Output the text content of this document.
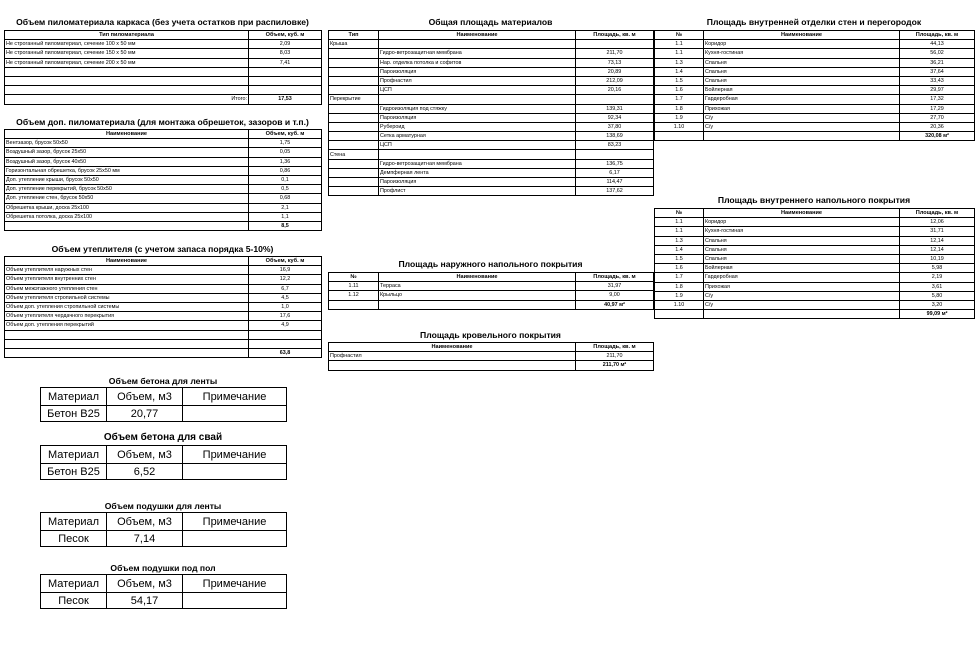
Объем пиломатериала каркаса (без учета остатков при распиловке)
Тип пиломатериала	Объем, куб. м
Не строганный пиломатериал, сечение 100 х 50 мм	2,09
Не строганный пиломатериал, сечение 150 х 50 мм	8,03
Не строганный пиломатериал, сечение 200 х 50 мм	7,41

Итого:	17,53
Объем доп. пиломатериала (для монтажа обрешеток, зазоров и т.п.)
Наименование	Объем, куб. м
Вентзазор, брусок 50х50	1,75
Воздушный зазор, брусок 25х50	0,05
Воздушный зазор, брусок 40х50	1,36
Горизонтальная обрешетка, брусок 25х50 мм	0,86
Доп. утепление крыши, брусок 50х50	0,1
Доп. утепление перекрытий, брусок 50х50	0,5
Доп. утепление стен, брусок 50х50	0,68
Обрешетка крыши, доска 25х100	2,1
Обрешетка потолка, доска 25х100	1,1
	8,5
Объем утеплителя (с учетом запаса порядка 5-10%)
Наименование	Объем, куб. м
Объем утеплителя наружных стен	16,9
Объем утеплителя внутренних стен	12,2
Объем межэтажного утепления стен	6,7
Объем утеплителя стропильной системы	4,5
Объем доп. утепления стропильной системы	1,0
Объем утеплителя чердачного перекрытия	17,6
Объем доп. утепления перекрытий	4,9

	63,8
Объем бетона для ленты
Материал	Объем, м3	Примечание
Бетон B25	20,77	
Объем бетона для свай
Материал	Объем, м3	Примечание
Бетон B25	6,52	
Объем подушки для ленты
Материал	Объем, м3	Примечание
Песок	7,14	
Объем подушки под пол
Материал	Объем, м3	Примечание
Песок	54,17	
Общая площадь материалов
Тип	Наименование	Площадь, кв. м
Крыша		
	Гидро-ветрозащитная мембрана	211,70
	Нар. отделка потолка и софитов	73,13
	Пароизоляция	20,89
	Профнастил	212,09
	ЦСП	20,16
Перекрытие		
	Гидроизоляция под стяжку	139,31
	Пароизоляция	92,34
	Рубероид	37,80
	Сетка арматурная	138,69
	ЦСП	83,23
Стена		
	Гидро-ветрозащитная мембрана	136,75
	Демпферная лента	6,17
	Пароизоляция	114,47
	Профлист	137,62
Площадь наружного напольного покрытия
№	Наименование	Площадь, кв. м
1.11	Терраса	31,97
1.12	Крыльцо	9,00
		40,97 м²
Площадь кровельного покрытия
Наименование	Площадь, кв. м
Профнастил	211,70
	211,70 м²
Площадь внутренней отделки стен и перегородок
№	Наименование	Площадь, кв. м
1.1	Коридор	44,13
1.1	Кухня-гостиная	56,02
1.3	Спальня	36,21
1.4	Спальня	37,64
1.5	Спальня	33,43
1.6	Бойлерная	29,97
1.7	Гардеробная	17,32
1.8	Прихожая	17,29
1.9	С/у	27,70
1.10	С/у	20,36
		320,08 м²
Площадь внутреннего напольного покрытия
№	Наименование	Площадь, кв. м
1.1	Коридор	12,06
1.1	Кухня-гостиная	31,71
1.3	Спальня	12,14
1.4	Спальня	12,14
1.5	Спальня	10,19
1.6	Бойлерная	5,98
1.7	Гардеробная	2,19
1.8	Прихожая	3,61
1.9	С/у	5,80
1.10	С/у	3,20
		99,09 м²
